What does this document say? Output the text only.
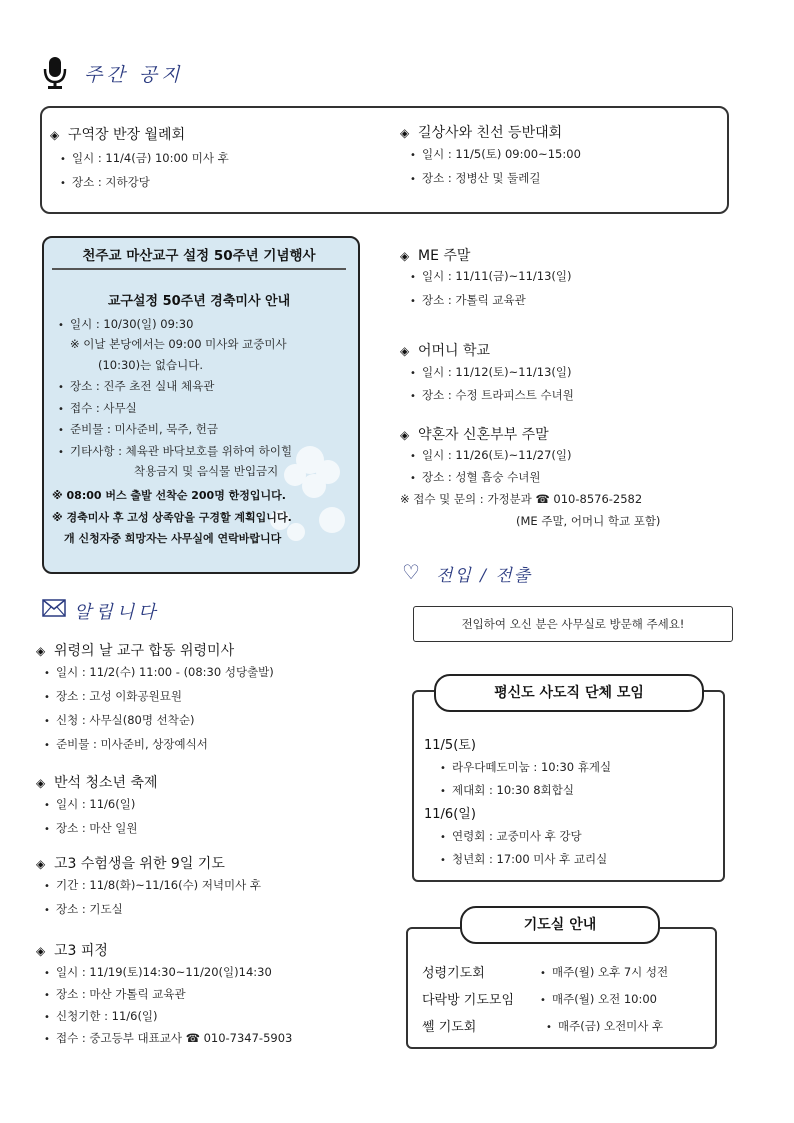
주간 공지
◈ 구역장 반장 월례회
• 일시 : 11/4(금) 10:00 미사 후
• 장소 : 지하강당
◈ 길상사와 친선 등반대회
• 일시 : 11/5(토) 09:00~15:00
• 장소 : 정병산 및 둘레길
천주교 마산교구 설정 50주년 기념행사
교구설정 50주년 경축미사 안내
• 일시 : 10/30(일) 09:30
※ 이날 본당에서는 09:00 미사와 교중미사
(10:30)는 없습니다.
• 장소 : 진주 초전 실내 체육관
• 접수 : 사무실
• 준비물 : 미사준비, 묵주, 헌금
• 기타사항 : 체육관 바닥보호를 위하여 하이힐
착용금지 및 음식물 반입금지
※ 08:00 버스 출발 선착순 200명 한정입니다.
※ 경축미사 후 고성 상족암을 구경할 계획입니다.
개 신청자중 희망자는 사무실에 연락바랍니다
◈ ME 주말
• 일시 : 11/11(금)~11/13(일)
• 장소 : 가톨릭 교육관
◈ 어머니 학교
• 일시 : 11/12(토)~11/13(일)
• 장소 : 수정 트라피스트 수녀원
◈ 약혼자 신혼부부 주말
• 일시 : 11/26(토)~11/27(일)
• 장소 : 성혈 흠숭 수녀원
※ 접수 및 문의 : 가정분과 ☎ 010-8576-2582
(ME 주말, 어머니 학교 포함)
♡ 전입 / 전출
전입하여 오신 분은 사무실로 방문해 주세요!
알립니다
◈ 위령의 날 교구 합동 위령미사
• 일시 : 11/2(수) 11:00 - (08:30 성당출발)
• 장소 : 고성 이화공원묘원
• 신청 : 사무실(80명 선착순)
• 준비물 : 미사준비, 상장예식서
◈ 반석 청소년 축제
• 일시 : 11/6(일)
• 장소 : 마산 일원
◈ 고3 수험생을 위한 9일 기도
• 기간 : 11/8(화)~11/16(수) 저녁미사 후
• 장소 : 기도실
◈ 고3 피정
• 일시 : 11/19(토)14:30~11/20(일)14:30
• 장소 : 마산 가톨릭 교육관
• 신청기한 : 11/6(일)
• 접수 : 중고등부 대표교사 ☎ 010-7347-5903
평신도 사도직 단체 모임
11/5(토)
• 라우다떼도미눔 : 10:30 휴게실
• 제대회 : 10:30 8회합실
11/6(일)
• 연령회 : 교중미사 후 강당
• 청년회 : 17:00 미사 후 교리실
기도실 안내
성령기도회	• 매주(월) 오후 7시 성전
다락방 기도모임	• 매주(월) 오전 10:00
쎌 기도회	• 매주(금) 오전미사 후
